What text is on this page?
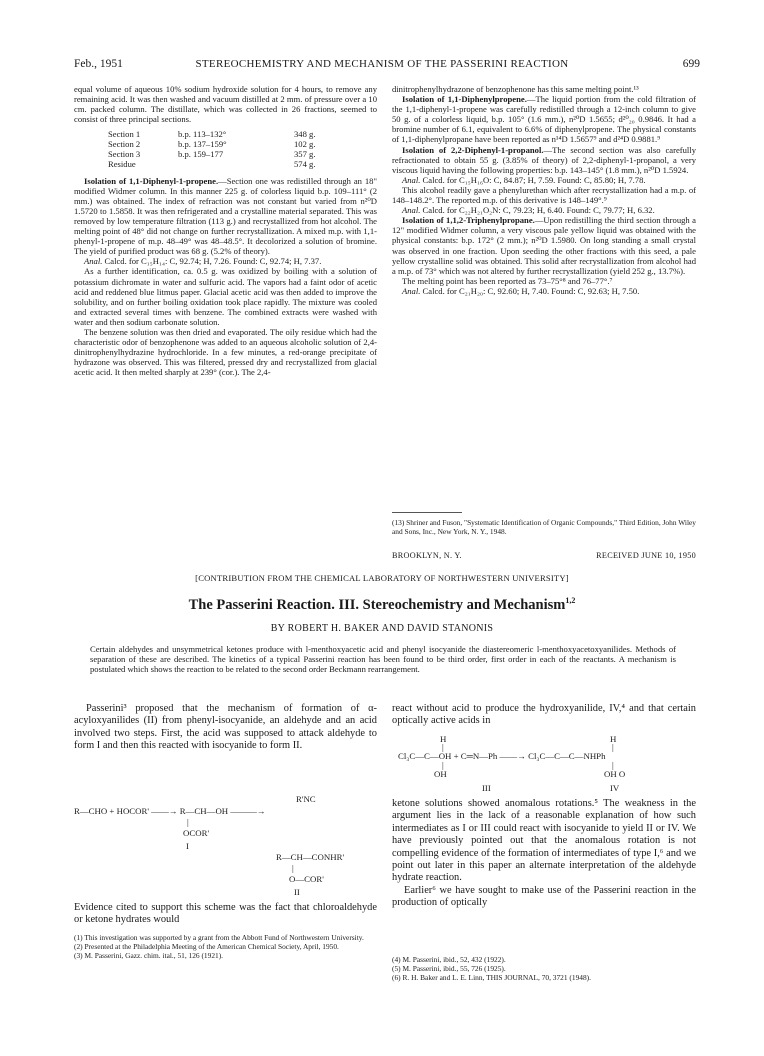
Feb., 1951	STEREOCHEMISTRY AND MECHANISM OF THE PASSERINI REACTION	699

equal volume of aqueous 10% sodium hydroxide solution for 4 hours, to remove any remaining acid. It was then washed and vacuum distilled at 2 mm. of pressure over a 10 cm. packed column. The distillate, which was collected in 26 fractions, seemed to consist of three principal sections.

Section 1	b.p. 113–132°	348 g.
Section 2	b.p. 137–159°	102 g.
Section 3	b.p. 159–177	357 g.
Residue		574 g.

Isolation of 1,1-Diphenyl-1-propene.—Section one was redistilled through an 18" modified Widmer column. In this manner 225 g. of colorless liquid b.p. 109–111° (2 mm.) was obtained. The index of refraction was not constant but varied from n²⁰D 1.5720 to 1.5858. It was then refrigerated and a crystalline material separated. This was removed by low temperature filtration (113 g.) and recrystallized from hot alcohol. The melting point of 48° did not change on further recrystallization. A mixed m.p. with 1,1-phenyl-1-propene of m.p. 48–49° was 48–48.5°. It decolorized a solution of bromine. The yield of purified product was 68 g. (5.2% of theory).

Anal. Calcd. for C₁₅H₁₄: C, 92.74; H, 7.26. Found: C, 92.74; H, 7.37.

As a further identification, ca. 0.5 g. was oxidized by boiling with a solution of potassium dichromate in water and sulfuric acid. The vapors had a faint odor of acetic acid and reddened blue litmus paper. Glacial acetic acid was then added to improve the solubility, and on further boiling oxidation took place rapidly. The mixture was cooled and extracted several times with benzene. The combined extracts were washed with water and then sodium carbonate solution.

The benzene solution was then dried and evaporated. The oily residue which had the characteristic odor of benzophenone was added to an aqueous alcoholic solution of 2,4-dinitrophenylhydrazine hydrochloride. In a few minutes, a red-orange precipitate of hydrazone was observed. This was filtered, pressed dry and recrystallized from glacial acetic acid. It then melted sharply at 239° (cor.). The 2,4-

dinitrophenylhydrazone of benzophenone has this same melting point.¹³

Isolation of 1,1-Diphenylpropene.—The liquid portion from the cold filtration of the 1,1-diphenyl-1-propene was carefully redistilled through a 12-inch column to give 50 g. of a colorless liquid, b.p. 105° (1.6 mm.), n²⁰D 1.5655; d²⁰₂₀ 0.9846. It had a bromine number of 6.1, equivalent to 6.6% of diphenylpropene. The physical constants of 1,1-diphenylpropane have been reported as n¹⁴D 1.5657⁹ and d²⁴D 0.9881.⁹

Isolation of 2,2-Diphenyl-1-propanol.—The second section was also carefully refractionated to obtain 55 g. (3.85% of theory) of 2,2-diphenyl-1-propanol, a very viscous liquid having the following properties: b.p. 143–145° (1.8 mm.), n²⁰D 1.5924.

Anal. Calcd. for C₁₅H₁₆O: C, 84.87; H, 7.59. Found: C, 85.80; H, 7.78.

This alcohol readily gave a phenylurethan which after recrystallization had a m.p. of 148–148.2°. The reported m.p. of this derivative is 148–149°.⁹

Anal. Calcd. for C₂₂H₂₁O₂N: C, 79.23; H, 6.40. Found: C, 79.77; H, 6.32.

Isolation of 1,1,2-Triphenylpropane.—Upon redistilling the third section through a 12" modified Widmer column, a very viscous pale yellow liquid was obtained with the physical constants: b.p. 172° (2 mm.); n²⁰D 1.5980. On long standing a small crystal was observed in one fraction. Upon seeding the other fractions with this seed, a pale yellow crystalline solid was obtained. This solid after recrystallization from alcohol had a m.p. of 73° which was not altered by further recrystallization (yield 252 g., 13.7%).

The melting point has been reported as 73–75°⁸ and 76–77°.⁷

Anal. Calcd. for C₂₁H₂₀: C, 92.60; H, 7.40. Found: C, 92.63; H, 7.50.

(13) Shriner and Fuson, "Systematic Identification of Organic Compounds," Third Edition, John Wiley and Sons, Inc., New York, N. Y., 1948.
BROOKLYN, N. Y.	RECEIVED JUNE 10, 1950
[CONTRIBUTION FROM THE CHEMICAL LABORATORY OF NORTHWESTERN UNIVERSITY]
The Passerini Reaction. III. Stereochemistry and Mechanism$^{1,2}$
BY ROBERT H. BAKER AND DAVID STANONIS
Certain aldehydes and unsymmetrical ketones produce with l-menthoxyacetic acid and phenyl isocyanide the diastereomeric l-menthoxyacetoxyanilides. Methods of separation of these are described. The kinetics of a typical Passerini reaction has been found to be third order, first order in each of the reactants. A mechanism is postulated which shows the reaction to be related to the second order Beckmann rearrangement.

Passerini³ proposed that the mechanism of formation of α-acyloxyanilides (II) from phenyl-isocyanide, an aldehyde and an acid involved two steps. First, the acid was supposed to attack aldehyde to form I and then this reacted with isocyanide to form II.

R'NC
R—CHO + HOCOR' ——→ R—CH—OH ———→
|
OCOR'
I
R—CH—CONHR'
|
O—COR'
II

Evidence cited to support this scheme was the fact that chloroaldehyde or ketone hydrates would

(1) This investigation was supported by a grant from the Abbott Fund of Northwestern University.
(2) Presented at the Philadelphia Meeting of the American Chemical Society, April, 1950.
(3) M. Passerini, Gazz. chim. ital., 51, 126 (1921).

react without acid to produce the hydroxyanilide, IV,⁴ and that certain optically active acids in

H	H
|	|
Cl₃C—C—OH + C═N—Ph ——→ Cl₃C—C—C—NHPh
|	|
OH	OH O
III	IV

ketone solutions showed anomalous rotations.⁵ The weakness in the argument lies in the lack of a reasonable explanation of how such intermediates as I or III could react with isocyanide to yield II or IV. We have previously pointed out that the anomalous rotation is not compelling evidence of the formation of intermediates of type I,⁶ and we point out later in this paper an alternate interpretation of the aldehyde hydrate reaction.

Earlier⁶ we have sought to make use of the Passerini reaction in the production of optically

(4) M. Passerini, ibid., 52, 432 (1922).
(5) M. Passerini, ibid., 55, 726 (1925).
(6) R. H. Baker and L. E. Linn, THIS JOURNAL, 70, 3721 (1948).
